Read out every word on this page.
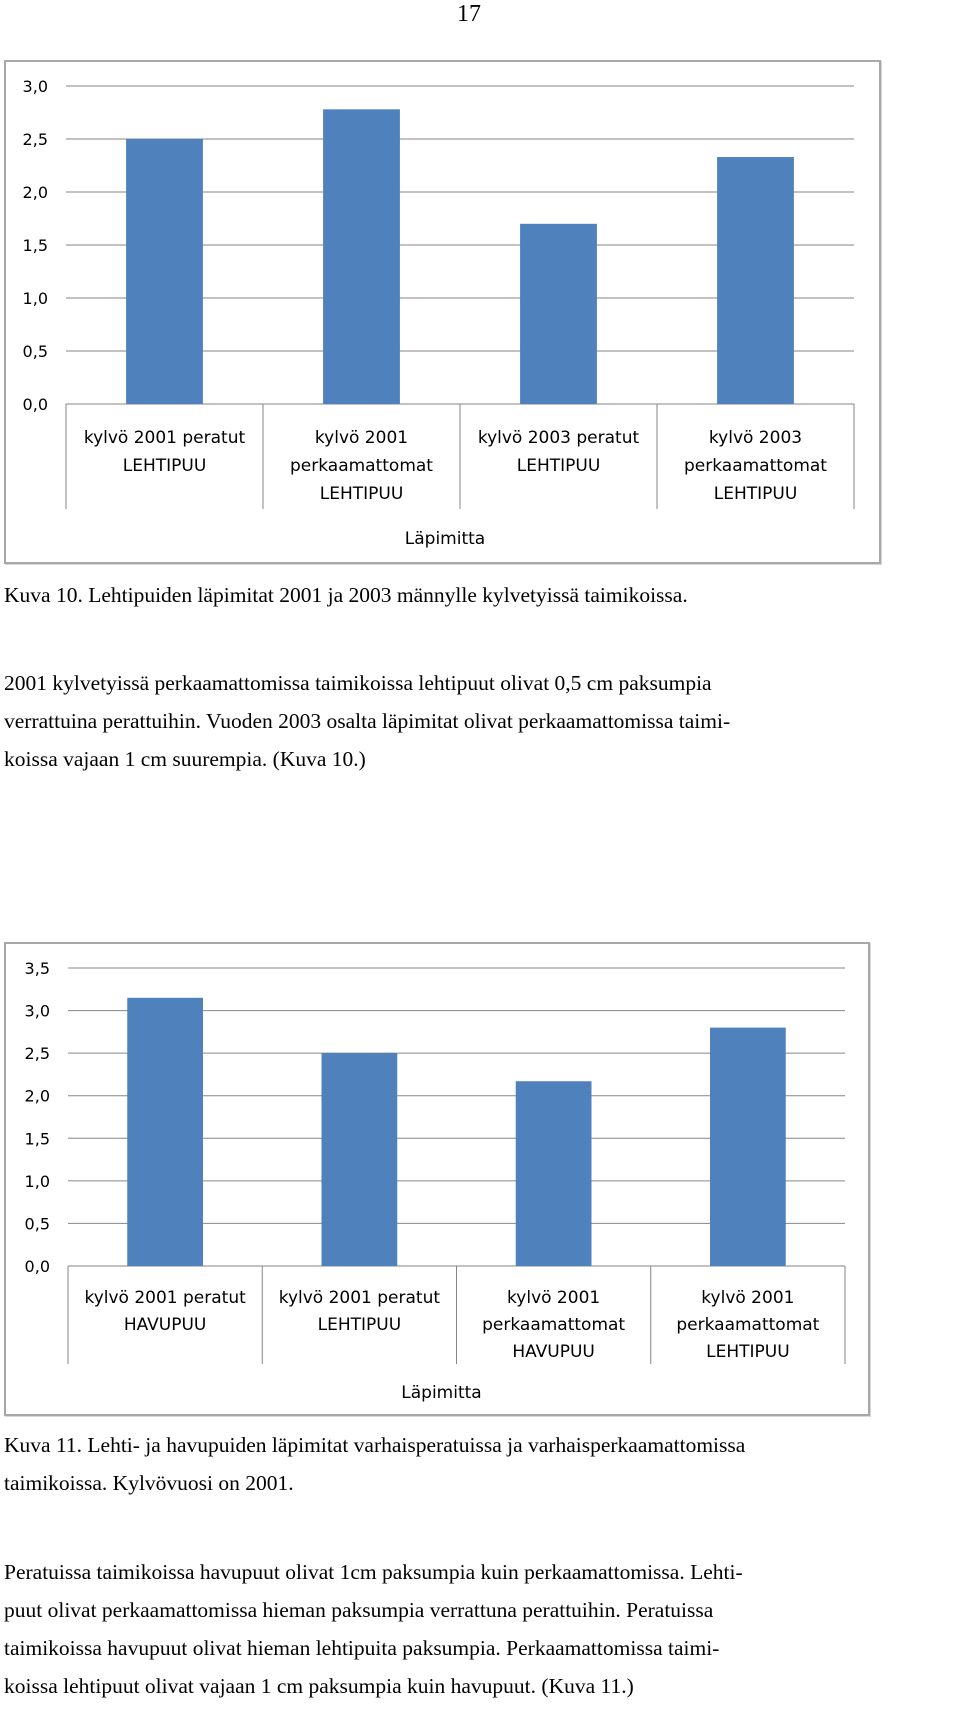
17
0,0
0,5
1,0
1,5
2,0
2,5
3,0
kylvö 2001 peratut
LEHTIPUU
kylvö 2001
perkaamattomat
LEHTIPUU
kylvö 2003 peratut
LEHTIPUU
kylvö 2003
perkaamattomat
LEHTIPUU
Läpimitta

Kuva 10. Lehtipuiden läpimitat 2001 ja 2003 männylle kylvetyissä taimikoissa.

2001 kylvetyissä perkaamattomissa taimikoissa lehtipuut olivat 0,5 cm paksumpia
verrattuina perattuihin. Vuoden 2003 osalta läpimitat olivat perkaamattomissa taimi-
koissa vajaan 1 cm suurempia. (Kuva 10.)

0,0
0,5
1,0
1,5
2,0
2,5
3,0
3,5
kylvö 2001 peratut
HAVUPUU
kylvö 2001 peratut
LEHTIPUU
kylvö 2001
perkaamattomat
HAVUPUU
kylvö 2001
perkaamattomat
LEHTIPUU
Läpimitta

Kuva 11. Lehti- ja havupuiden läpimitat varhaisperatuissa ja varhaisperkaamattomissa
taimikoissa. Kylvövuosi on 2001.

Peratuissa taimikoissa havupuut olivat 1cm paksumpia kuin perkaamattomissa. Lehti-
puut olivat perkaamattomissa hieman paksumpia verrattuna perattuihin. Peratuissa
taimikoissa havupuut olivat hieman lehtipuita paksumpia. Perkaamattomissa taimi-
koissa lehtipuut olivat vajaan 1 cm paksumpia kuin havupuut. (Kuva 11.)
